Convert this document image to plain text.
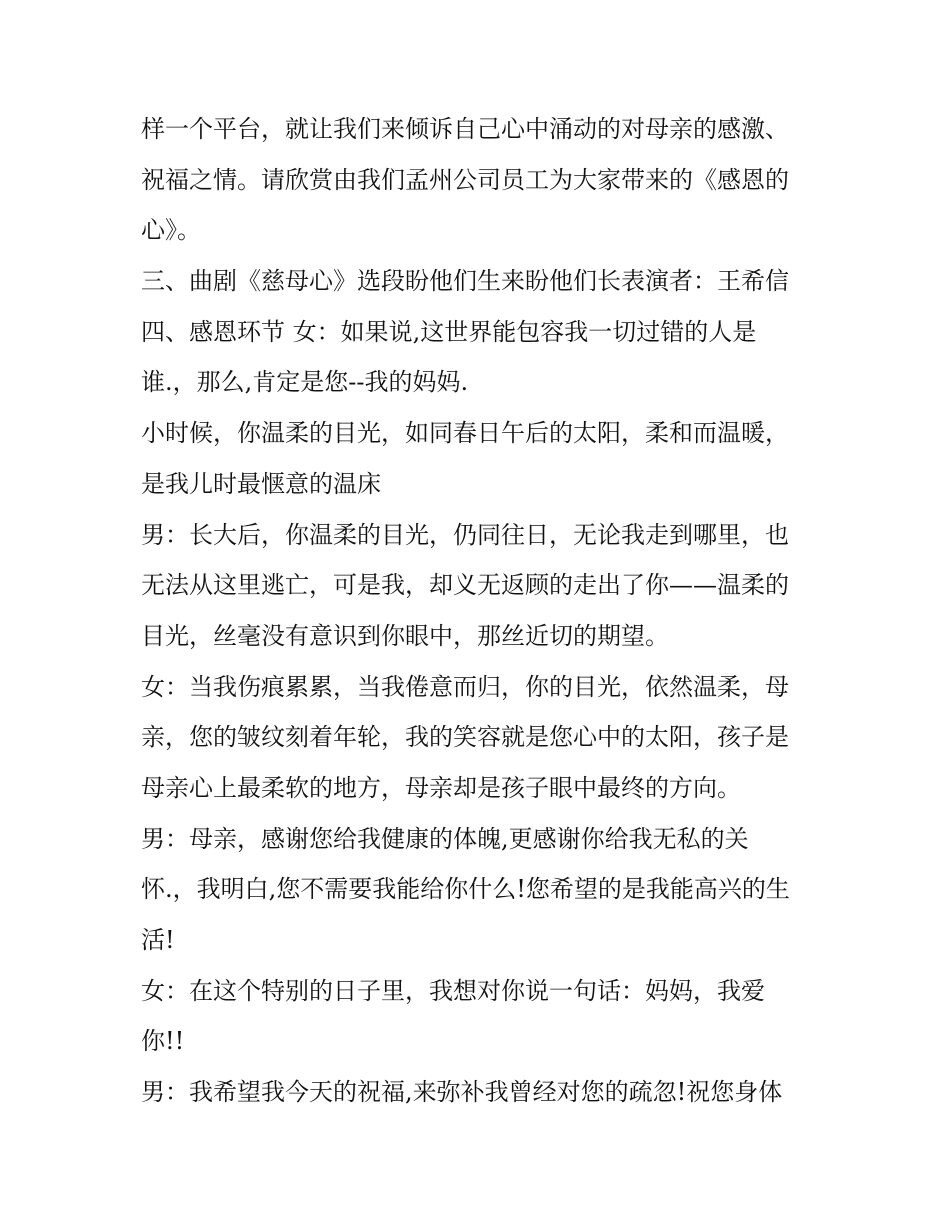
样一个平台，就让我们来倾诉自己心中涌动的对母亲的感激、
祝福之情。请欣赏由我们孟州公司员工为大家带来的《感恩的
心》。
三、曲剧《慈母心》选段盼他们生来盼他们长表演者：王希信
四、感恩环节 女：如果说,这世界能包容我一切过错的人是
谁.，那么,肯定是您--我的妈妈.
小时候，你温柔的目光，如同春日午后的太阳，柔和而温暖，
是我儿时最惬意的温床
男：长大后，你温柔的目光，仍同往日，无论我走到哪里，也
无法从这里逃亡，可是我，却义无返顾的走出了你——温柔的
目光，丝毫没有意识到你眼中，那丝近切的期望。
女：当我伤痕累累，当我倦意而归，你的目光，依然温柔，母
亲，您的皱纹刻着年轮，我的笑容就是您心中的太阳，孩子是
母亲心上最柔软的地方，母亲却是孩子眼中最终的方向。
男：母亲，感谢您给我健康的体魄,更感谢你给我无私的关
怀.，我明白,您不需要我能给你什么!您希望的是我能高兴的生
活!
女：在这个特别的日子里，我想对你说一句话：妈妈，我爱
你!!
男：我希望我今天的祝福,来弥补我曾经对您的疏忽!祝您身体
